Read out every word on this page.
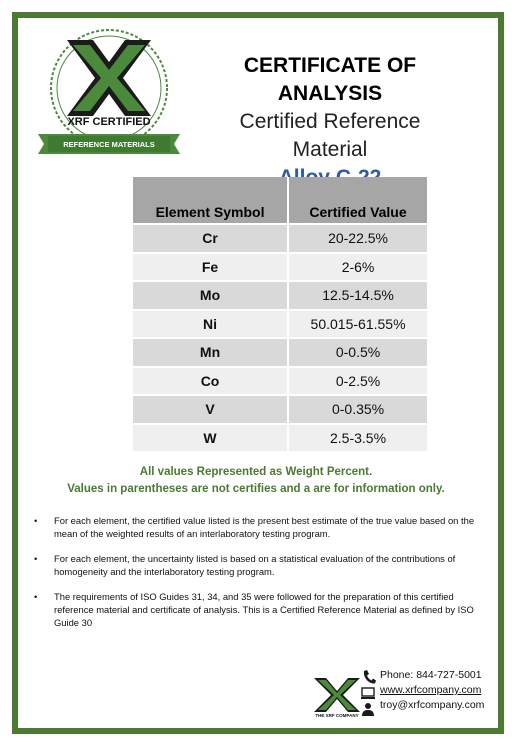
XRF CERTIFIED
REFERENCE MATERIALS
CERTIFICATE OF ANALYSIS
Certified Reference Material
Element Symbol	Certified Value
Cr	20-22.5%
Fe	2-6%
Mo	12.5-14.5%
Ni	50.015-61.55%
Mn	0-0.5%
Co	0-2.5%
V	0-0.35%
W	2.5-3.5%
All values Represented as Weight Percent.
Values in parentheses are not certifies and a are for information only.
• For each element, the certified value listed is the present best estimate of the true value based on the mean of the weighted results of an interlaboratory testing program.
• For each element, the uncertainty listed is based on a statistical evaluation of the contributions of homogeneity and the interlaboratory testing program.
• The requirements of ISO Guides 31, 34, and 35 were followed for the preparation of this certified reference material and certificate of analysis. This is a Certified Reference Material as defined by ISO Guide 30
THE XRF COMPANY
Phone: 844-727-5001
www.xrfcompany.com
troy@xrfcompany.com
